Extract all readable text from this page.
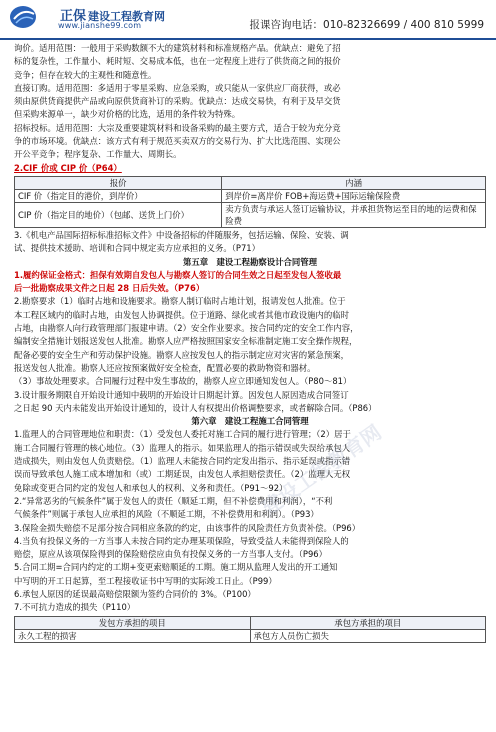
正保 建设工程教育网
www.jianshe99.com	报课咨询电话：010-82326699 / 400 810 5999

询价。适用范围：一般用于采购数额不大的建筑材料和标准规格产品。优缺点：避免了招

标的复杂性，工作量小、耗时短、交易成本低，也在一定程度上进行了供货商之间的报价

竞争；但存在较大的主观性和随意性。

直接订购。适用范围：多适用于零星采购、应急采购，或只能从一家供应厂商获得，或必

须由原供货商提供产品或向原供货商补订的采购。优缺点：达成交易快，有利于及早交货

但采购来源单一，缺少对价格的比选，适用的条件较为特殊。

招标投标。适用范围：大宗及重要建筑材料和设备采购的最主要方式，适合于较为充分竞

争的市场环境。优缺点：该方式有利于规范买卖双方的交易行为、扩大比选范围、实现公

开公平竞争；程序复杂、工作量大、周期长。

2.CIF 价或 CIP 价（P64）

报价	内涵
CIF 价（指定目的港价，到岸价）	到岸价=离岸价 FOB+海运费+国际运输保险费
CIP 价（指定目的地价）（包邮、送货上门价）	卖方负责与承运人签订运输协议，并承担货物运至目的地的运费和保险费

3.《机电产品国际招标标准招标文件》中设备招标的伴随服务，包括运输、保险、安装、调

试、提供技术援助、培训和合同中规定卖方应承担的义务。（P71）

第五章　建设工程勘察设计合同管理

1.履约保证金格式：担保有效期自发包人与勘察人签订的合同生效之日起至发包人签收最

后一批勘察成果文件之日起 28 日后失效。（P76）

2.勘察要求（1）临时占地和设施要求。勘察人制订临时占地计划，报请发包人批准。位于

本工程区域内的临时占地，由发包人协调提供。位于道路、绿化或者其他市政设施内的临时

占地，由勘察人向行政管理部门报建申请。（2）安全作业要求。按合同约定的安全工作内容，

编制安全措施计划报送发包人批准。勘察人应严格按照国家安全标准制定施工安全操作规程，

配备必要的安全生产和劳动保护设施。勘察人应按发包人的指示制定应对灾害的紧急预案，

报送发包人批准。勘察人还应按预案做好安全检查，配置必要的救助物资和器材。

（3）事故处理要求。合同履行过程中发生事故的，勘察人应立即通知发包人。（P80～81）

3.设计服务期限自开始设计通知中载明的开始设计日期起计算。因发包人原因造成合同签订

之日起 90 天内未能发出开始设计通知的，设计人有权提出价格调整要求，或者解除合同。（P86）

第六章　建设工程施工合同管理

1.监理人的合同管理地位和职责：（1）受发包人委托对施工合同的履行进行管理；（2）居于

施工合同履行管理的核心地位。（3）监理人的指示。如果监理人的指示错误或失误给承包人

造成损失，则由发包人负责赔偿。（1）监理人未能按合同约定发出指示、指示延误或指示错

误而导致承包人施工成本增加和（或）工期延误，由发包人承担赔偿责任。（2）监理人无权

免除或变更合同约定的发包人和承包人的权利、义务和责任。（P91～92）

2.“异常恶劣的气候条件”属于发包人的责任（顺延工期，但不补偿费用和利润），“不利

气候条件”则属于承包人应承担的风险（不顺延工期，不补偿费用和利润）。（P93）

3.保险金损失赔偿不足部分按合同相应条款的约定，由该事件的风险责任方负责补偿。（P96）

4.当负有投保义务的一方当事人未按合同约定办理某项保险，导致受益人未能得到保险人的

赔偿，原应从该项保险得到的保险赔偿应由负有投保义务的一方当事人支付。（P96）

5.合同工期=合同内约定的工期+变更索赔顺延的工期。施工期从监理人发出的开工通知

中写明的开工日起算，至工程接收证书中写明的实际竣工日止。（P99）

6.承包人原因的延误最高赔偿限额为签约合同价的 3%。（P100）

7.不可抗力造成的损失（P110）

发包方承担的项目	承包方承担的项目
永久工程的损害	承包方人员伤亡损失
建设工程教育网
